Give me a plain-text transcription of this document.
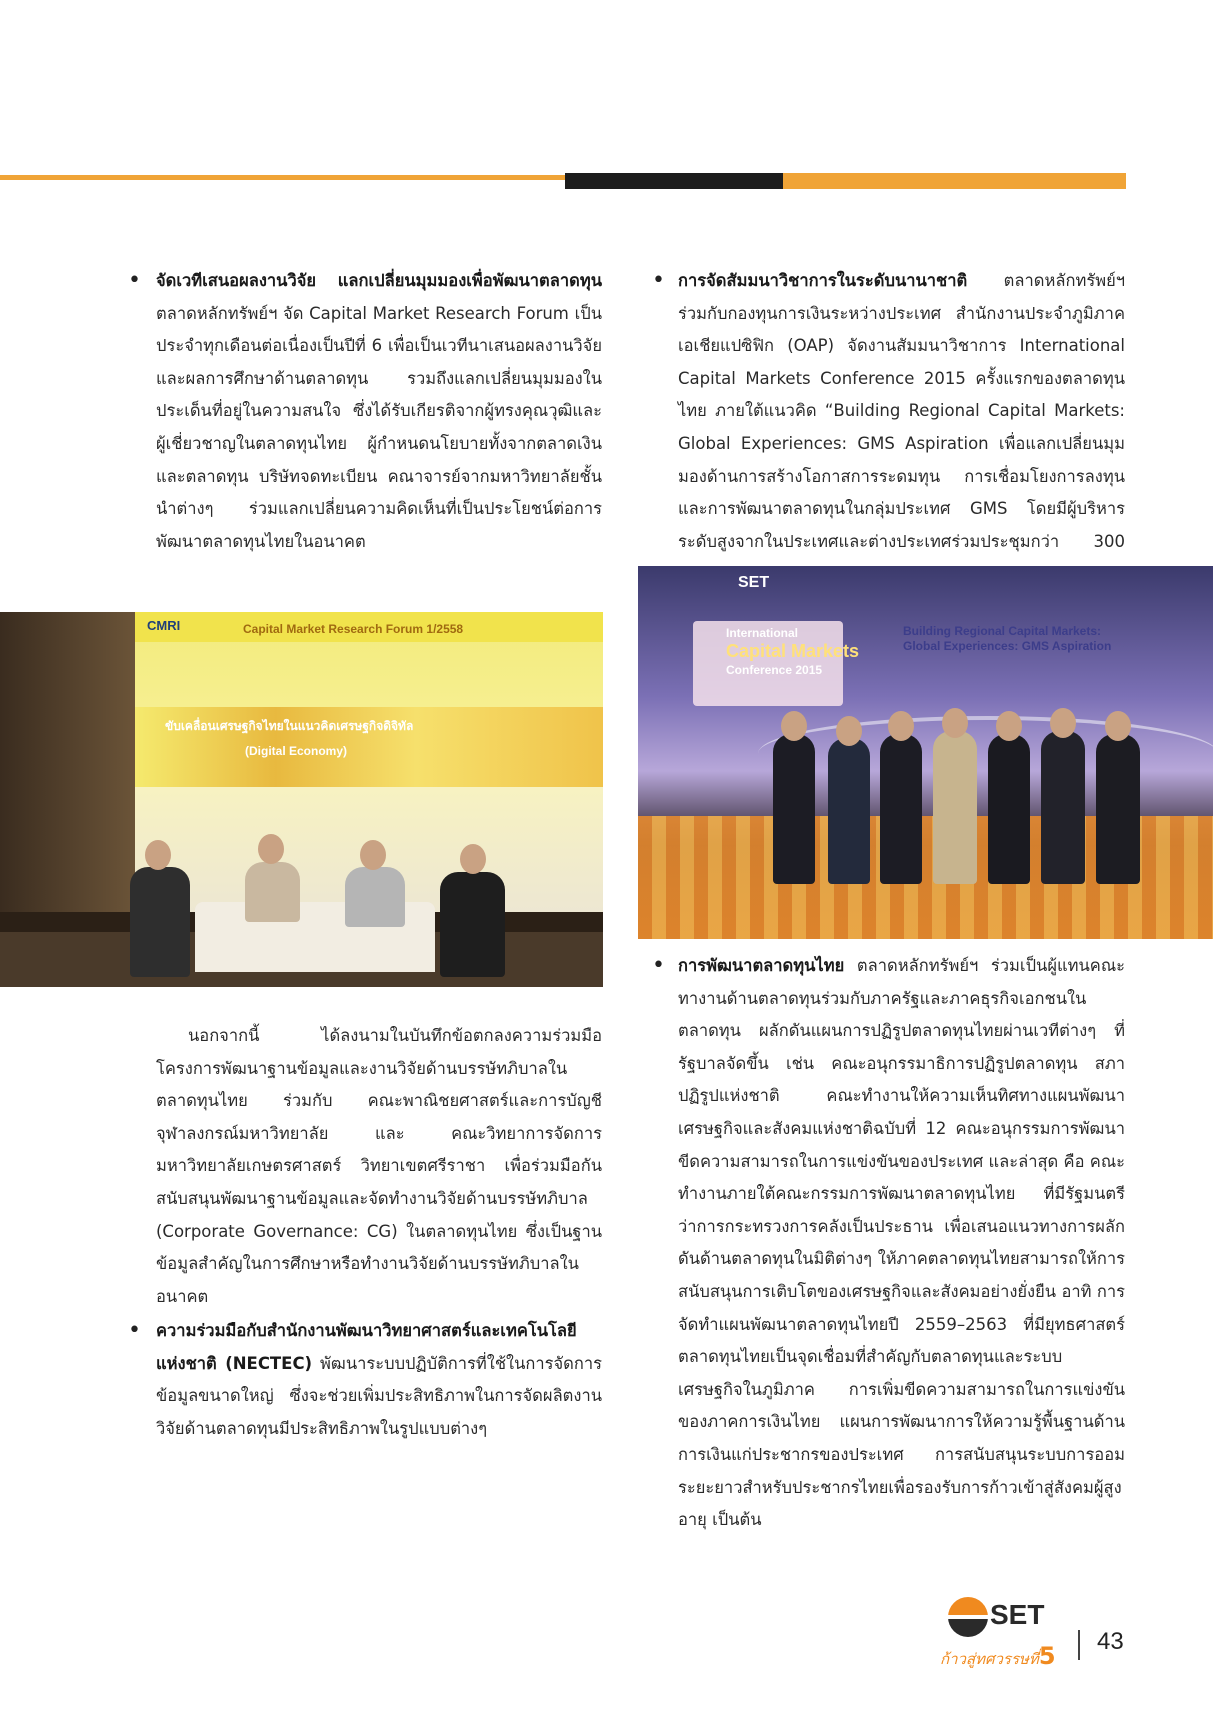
• จัดเวทีเสนอผลงานวิจัย แลกเปลี่ยนมุมมองเพื่อพัฒนาตลาดทุน ตลาดหลักทรัพย์ฯ จัด Capital Market Research Forum เป็นประจำทุกเดือนต่อเนื่องเป็นปีที่ 6 เพื่อเป็นเวทีนาเสนอผลงานวิจัยและผลการศึกษาด้านตลาดทุน รวมถึงแลกเปลี่ยนมุมมองในประเด็นที่อยู่ในความสนใจ ซึ่งได้รับเกียรติจากผู้ทรงคุณวุฒิและผู้เชี่ยวชาญในตลาดทุนไทย ผู้กำหนดนโยบายทั้งจากตลาดเงินและตลาดทุน บริษัทจดทะเบียน คณาจารย์จากมหาวิทยาลัยชั้นนำต่างๆ ร่วมแลกเปลี่ยนความคิดเห็นที่เป็นประโยชน์ต่อการพัฒนาตลาดทุนไทยในอนาคต
CMRI	Capital Market Research Forum 1/2558
ขับเคลื่อนเศรษฐกิจไทยในแนวคิดเศรษฐกิจดิจิทัล
(Digital Economy)
นอกจากนี้ ได้ลงนามในบันทึกข้อตกลงความร่วมมือโครงการพัฒนาฐานข้อมูลและงานวิจัยด้านบรรษัทภิบาลในตลาดทุนไทย ร่วมกับ คณะพาณิชยศาสตร์และการบัญชี จุฬาลงกรณ์มหาวิทยาลัย และ คณะวิทยาการจัดการ มหาวิทยาลัยเกษตรศาสตร์ วิทยาเขตศรีราชา เพื่อร่วมมือกันสนับสนุนพัฒนาฐานข้อมูลและจัดทำงานวิจัยด้านบรรษัทภิบาล (Corporate Governance: CG) ในตลาดทุนไทย ซึ่งเป็นฐานข้อมูลสำคัญในการศึกษาหรือทำงานวิจัยด้านบรรษัทภิบาลในอนาคต
• ความร่วมมือกับสำนักงานพัฒนาวิทยาศาสตร์และเทคโนโลยีแห่งชาติ (NECTEC) พัฒนาระบบปฏิบัติการที่ใช้ในการจัดการข้อมูลขนาดใหญ่ ซึ่งจะช่วยเพิ่มประสิทธิภาพในการจัดผลิตงานวิจัยด้านตลาดทุนมีประสิทธิภาพในรูปแบบต่างๆ
• การจัดสัมมนาวิชาการในระดับนานาชาติ ตลาดหลักทรัพย์ฯ ร่วมกับกองทุนการเงินระหว่างประเทศ สำนักงานประจำภูมิภาคเอเชียแปซิฟิก (OAP) จัดงานสัมมนาวิชาการ International Capital Markets Conference 2015 ครั้งแรกของตลาดทุนไทย ภายใต้แนวคิด “Building Regional Capital Markets: Global Experiences: GMS Aspiration เพื่อแลกเปลี่ยนมุมมองด้านการสร้างโอกาสการระดมทุน การเชื่อมโยงการลงทุนและการพัฒนาตลาดทุนในกลุ่มประเทศ GMS โดยมีผู้บริหารระดับสูงจากในประเทศและต่างประเทศร่วมประชุมกว่า 300
SET
International
Capital Markets
Conference 2015
Building Regional Capital Markets:
Global Experiences: GMS Aspiration
• การพัฒนาตลาดทุนไทย ตลาดหลักทรัพย์ฯ ร่วมเป็นผู้แทนคณะทางานด้านตลาดทุนร่วมกับภาครัฐและภาคธุรกิจเอกชนในตลาดทุน ผลักดันแผนการปฏิรูปตลาดทุนไทยผ่านเวทีต่างๆ ที่รัฐบาลจัดขึ้น เช่น คณะอนุกรรมาธิการปฏิรูปตลาดทุน สภาปฏิรูปแห่งชาติ คณะทำงานให้ความเห็นทิศทางแผนพัฒนาเศรษฐกิจและสังคมแห่งชาติฉบับที่ 12 คณะอนุกรรมการพัฒนาขีดความสามารถในการแข่งขันของประเทศ และล่าสุด คือ คณะทำงานภายใต้คณะกรรมการพัฒนาตลาดทุนไทย ที่มีรัฐมนตรีว่าการกระทรวงการคลังเป็นประธาน เพื่อเสนอแนวทางการผลักดันด้านตลาดทุนในมิติต่างๆ ให้ภาคตลาดทุนไทยสามารถให้การสนับสนุนการเติบโตของเศรษฐกิจและสังคมอย่างยั่งยืน อาทิ การจัดทำแผนพัฒนาตลาดทุนไทยปี 2559–2563 ที่มียุทธศาสตร์ตลาดทุนไทยเป็นจุดเชื่อมที่สำคัญกับตลาดทุนและระบบเศรษฐกิจในภูมิภาค การเพิ่มขีดความสามารถในการแข่งขันของภาคการเงินไทย แผนการพัฒนาการให้ความรู้พื้นฐานด้านการเงินแก่ประชากรของประเทศ การสนับสนุนระบบการออมระยะยาวสำหรับประชากรไทยเพื่อรองรับการก้าวเข้าสู่สังคมผู้สูงอายุ เป็นต้น
SET
ก้าวสู่ทศวรรษที่5
43
